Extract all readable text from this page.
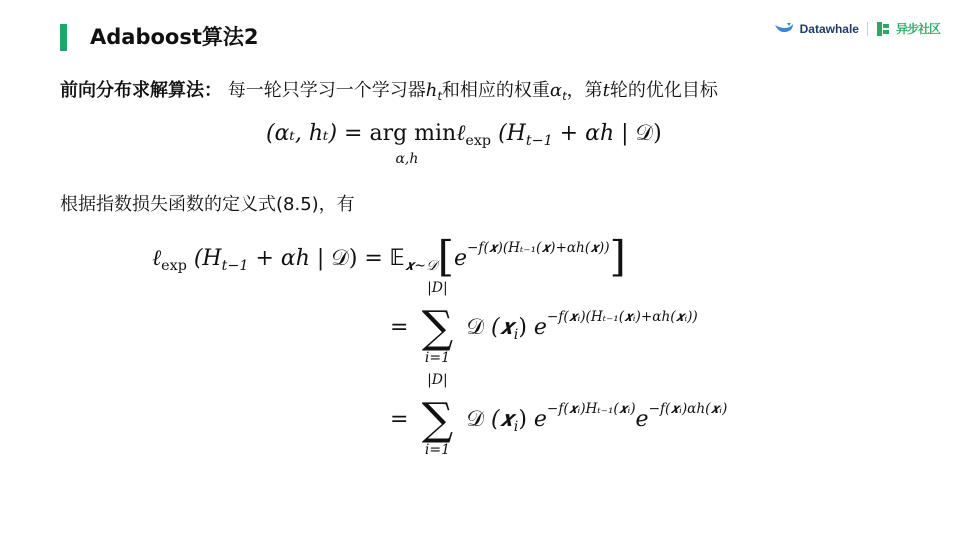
Adaboost算法2	Datawhale	异步社区
前向分布求解算法： 每一轮只学习一个学习器$h_t$和相应的权重$\alpha_t$，第t轮的优化目标
(αₜ, hₜ) = arg min
α,h
ℓ$_{exp}$ ($H_{t-1} + \alpha h$ | 𝒟)
根据指数损失函数的定义式(8.5)，有
ℓ$_{exp}$ ($H_{t-1} + \alpha h$ | 𝒟) = $𝔼_{𝒙\sim 𝒟}[e^{-f(𝒙)(H_{t-1}(𝒙)+\alpha h(𝒙))}]$
=
|D|
∑
i=1
𝒟 (𝒙$_i$) $e^{-f(𝒙ᵢ)(H_{t-1}(𝒙ᵢ)+\alpha h(𝒙ᵢ))}$
=
|D|
∑
i=1
𝒟 (𝒙$_i$) $e^{-f(𝒙ᵢ)H_{t-1}(𝒙ᵢ)}e^{-f(𝒙ᵢ)\alpha h(𝒙ᵢ)}$
